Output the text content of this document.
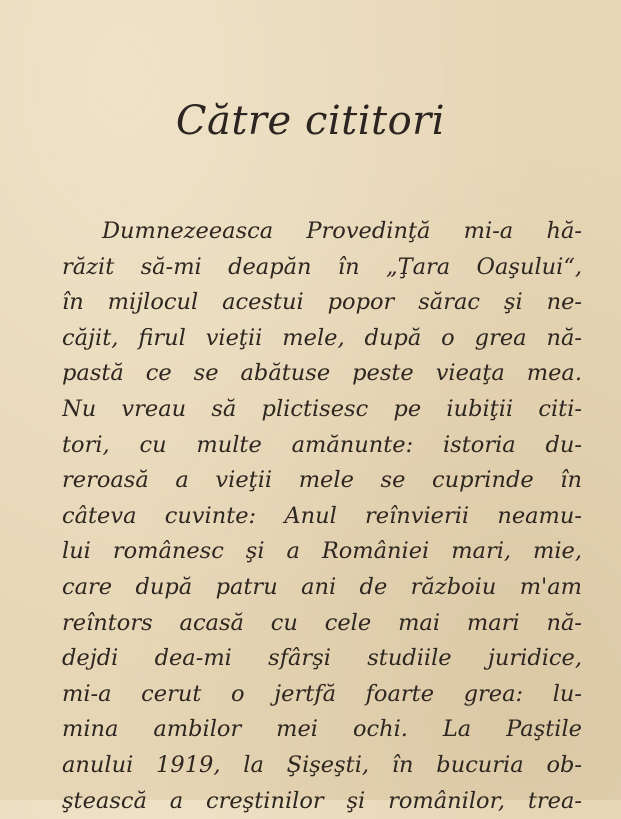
Către cititori
Dumnezeeasca Provedinţă mi-a hă-
răzit să-mi deapăn în „Ţara Oaşului“,
în mijlocul acestui popor sărac şi ne-
căjit, firul vieţii mele, după o grea nă-
pastă ce se abătuse peste vieaţa mea.
Nu vreau să plictisesc pe iubiţii citi-
tori, cu multe amănunte: istoria du-
reroasă a vieţii mele se cuprinde în
câteva cuvinte: Anul reînvierii neamu-
lui românesc şi a României mari, mie,
care după patru ani de războiu m'am
reîntors acasă cu cele mai mari nă-
dejdi dea-mi sfârşi studiile juridice,
mi-a cerut o jertfă foarte grea: lu-
mina ambilor mei ochi. La Paştile
anului 1919, la Şişeşti, în bucuria ob-
ştească a creştinilor şi românilor, trea-
